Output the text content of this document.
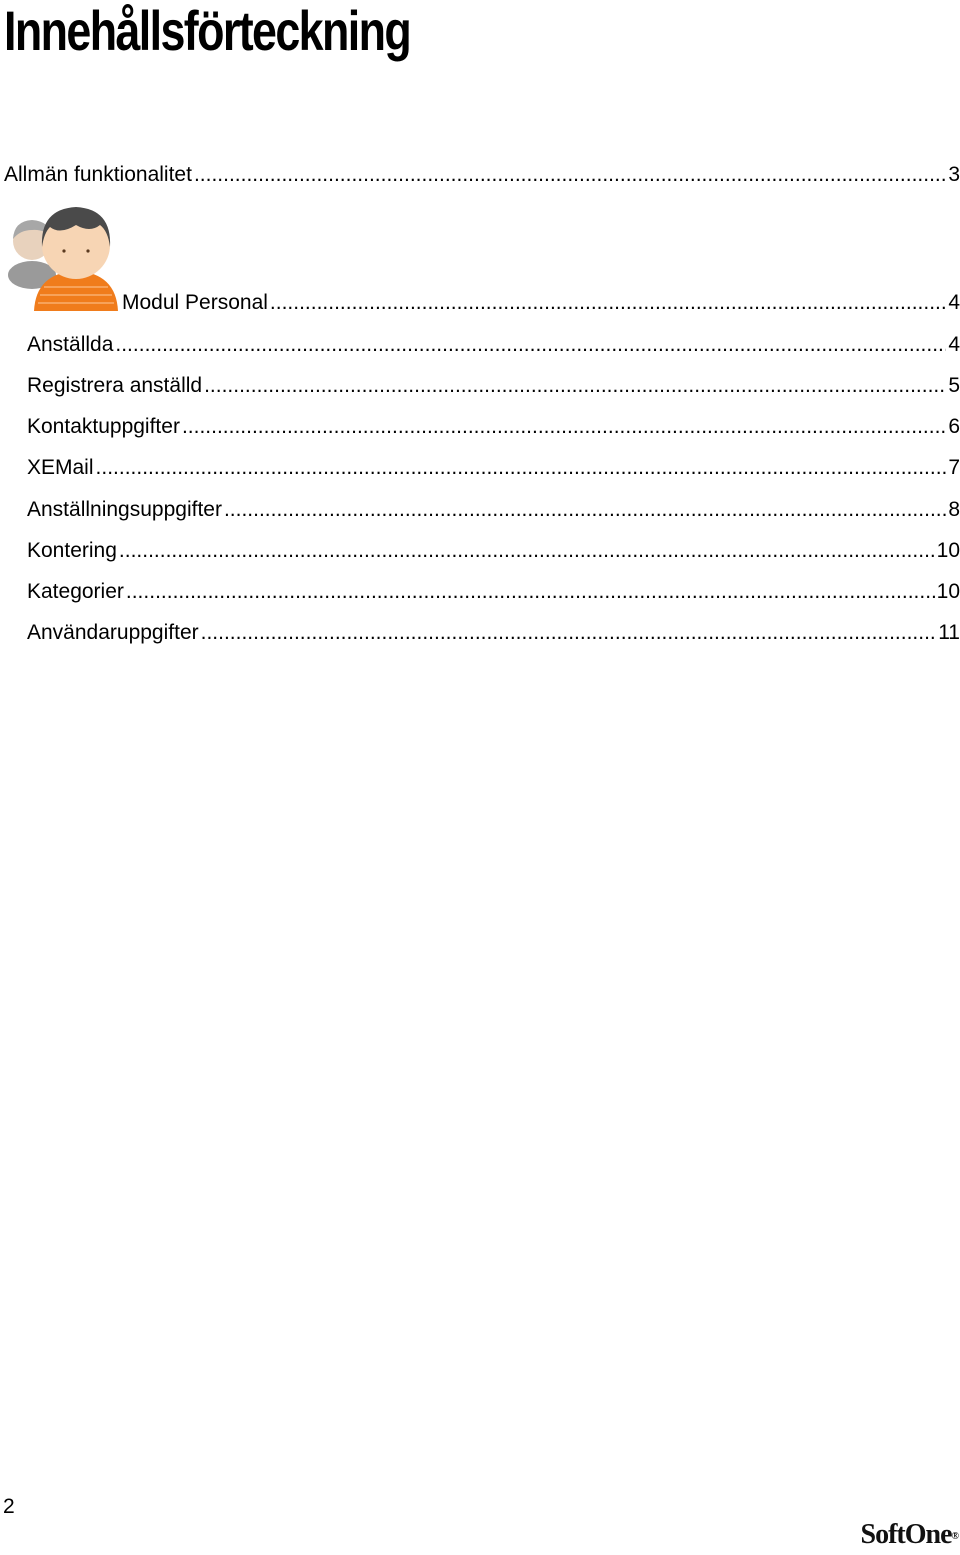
Innehållsförteckning
Allmän funktionalitet .....	3
Modul Personal .....	4
Anställda .....	4
Registrera anställd .....	5
Kontaktuppgifter .....	6
XEMail .....	7
Anställningsuppgifter .....	8
Kontering .....	10
Kategorier .....	10
Användaruppgifter .....	11
2
SoftOne®
